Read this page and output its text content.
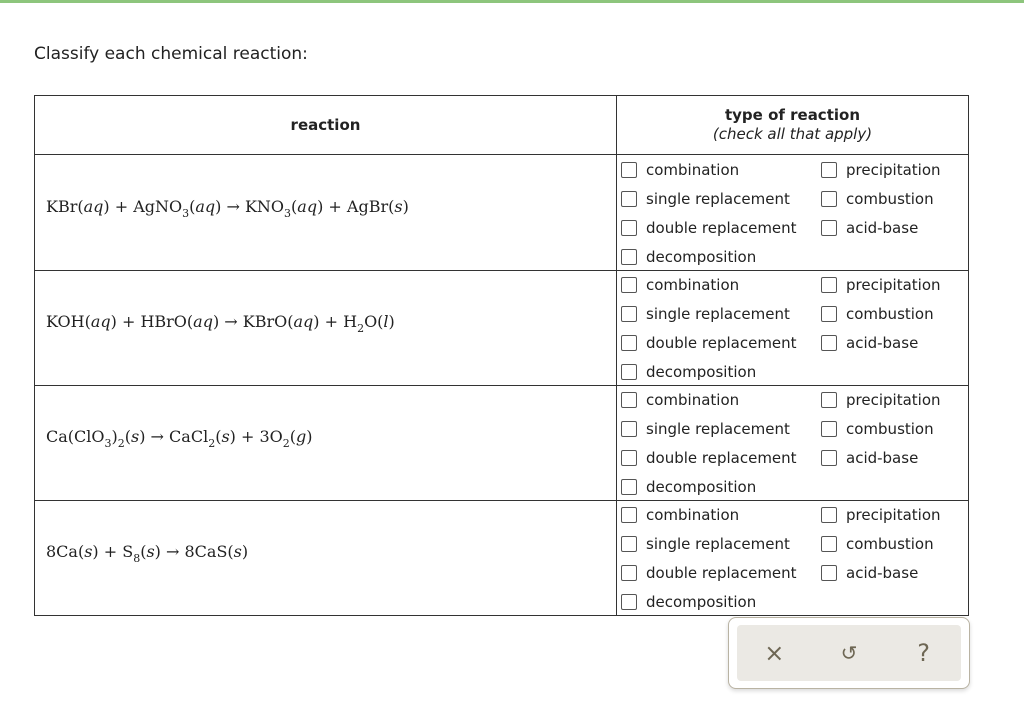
Classify each chemical reaction:
reaction
type of reaction
(check all that apply)
KBr(aq) + AgNO$_3$(aq) → $KNO_3(aq)$ + AgBr(s)
combination
single replacement
double replacement
decomposition
precipitation
combustion
acid-base
KOH(aq) + HBrO(aq) → KBrO(aq) + $H_2O(l)$
combination
single replacement
double replacement
decomposition
precipitation
combustion
acid-base
$Ca(ClO_3)_2(s)$ → CaCl$_2$(s) + $3O_2(g)$
combination
single replacement
double replacement
decomposition
precipitation
combustion
acid-base
$8Ca(s) + S_8(s) \to 8CaS(s)$
combination
single replacement
double replacement
decomposition
precipitation
combustion
acid-base
×	↺ ?
